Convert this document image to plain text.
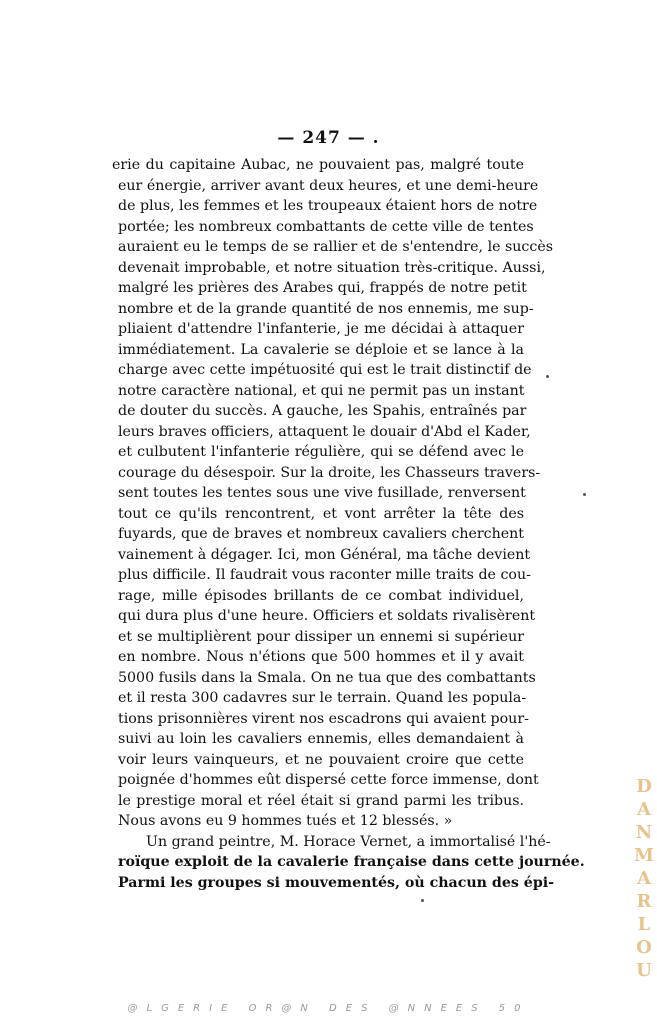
— 247 — .
erie du capitaine Aubac, ne pouvaient pas, malgré toute
eur énergie, arriver avant deux heures, et une demi-heure
de plus, les femmes et les troupeaux étaient hors de notre
portée; les nombreux combattants de cette ville de tentes
auraient eu le temps de se rallier et de s'entendre, le succès
devenait improbable, et notre situation très-critique. Aussi,
malgré les prières des Arabes qui, frappés de notre petit
nombre et de la grande quantité de nos ennemis, me sup-
pliaient d'attendre l'infanterie, je me décidai à attaquer
immédiatement. La cavalerie se déploie et se lance à la
charge avec cette impétuosité qui est le trait distinctif de
notre caractère national, et qui ne permit pas un instant
de douter du succès. A gauche, les Spahis, entraînés par
leurs braves officiers, attaquent le douair d'Abd el Kader,
et culbutent l'infanterie régulière, qui se défend avec le
courage du désespoir. Sur la droite, les Chasseurs travers-
sent toutes les tentes sous une vive fusillade, renversent
tout ce qu'ils rencontrent, et vont arrêter la tête des
fuyards, que de braves et nombreux cavaliers cherchent
vainement à dégager. Ici, mon Général, ma tâche devient
plus difficile. Il faudrait vous raconter mille traits de cou-
rage, mille épisodes brillants de ce combat individuel,
qui dura plus d'une heure. Officiers et soldats rivalisèrent
et se multiplièrent pour dissiper un ennemi si supérieur
en nombre. Nous n'étions que 500 hommes et il y avait
5000 fusils dans la Smala. On ne tua que des combattants
et il resta 300 cadavres sur le terrain. Quand les popula-
tions prisonnières virent nos escadrons qui avaient pour-
suivi au loin les cavaliers ennemis, elles demandaient à
voir leurs vainqueurs, et ne pouvaient croire que cette
poignée d'hommes eût dispersé cette force immense, dont
le prestige moral et réel était si grand parmi les tribus.
Nous avons eu 9 hommes tués et 12 blessés. »
Un grand peintre, M. Horace Vernet, a immortalisé l'hé-
roïque exploit de la cavalerie française dans cette journée.
Parmi les groupes si mouvementés, où chacun des épi-
D
A
N
M
A
R
L
O
U
@LGERIE OR@N DES @NNEES 50
